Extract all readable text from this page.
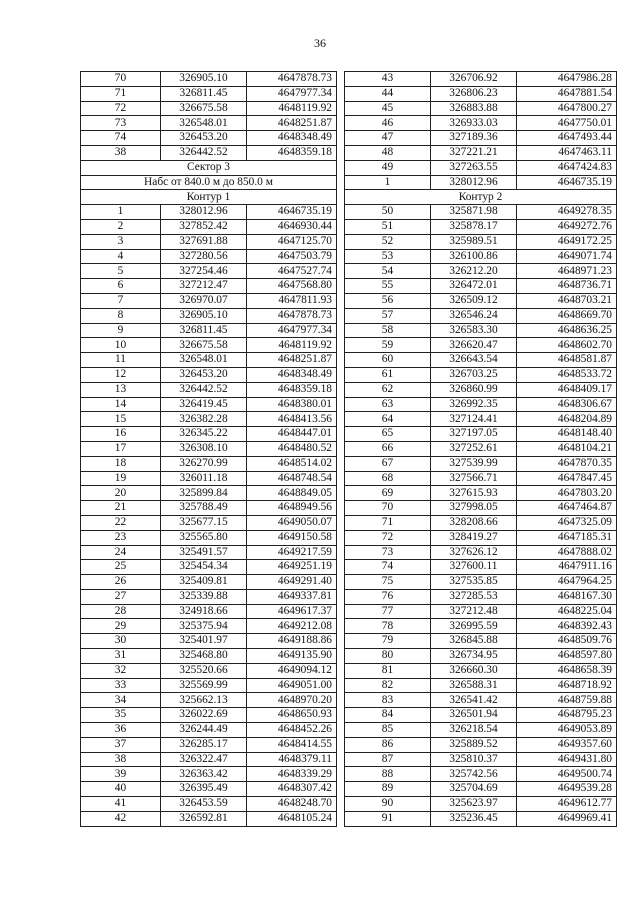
36
70	326905.10	4647878.73
71	326811.45	4647977.34
72	326675.58	4648119.92
73	326548.01	4648251.87
74	326453.20	4648348.49
38	326442.52	4648359.18
Сектор 3		
Набс от 840.0 м до 850.0 м		
Контур 1		
1	328012.96	4646735.19
2	327852.42	4646930.44
3	327691.88	4647125.70
4	327280.56	4647503.79
5	327254.46	4647527.74
6	327212.47	4647568.80
7	326970.07	4647811.93
8	326905.10	4647878.73
9	326811.45	4647977.34
10	326675.58	4648119.92
11	326548.01	4648251.87
12	326453.20	4648348.49
13	326442.52	4648359.18
14	326419.45	4648380.01
15	326382.28	4648413.56
16	326345.22	4648447.01
17	326308.10	4648480.52
18	326270.99	4648514.02
19	326011.18	4648748.54
20	325899.84	4648849.05
21	325788.49	4648949.56
22	325677.15	4649050.07
23	325565.80	4649150.58
24	325491.57	4649217.59
25	325454.34	4649251.19
26	325409.81	4649291.40
27	325339.88	4649337.81
28	324918.66	4649617.37
29	325375.94	4649212.08
30	325401.97	4649188.86
31	325468.80	4649135.90
32	325520.66	4649094.12
33	325569.99	4649051.00
34	325662.13	4648970.20
35	326022.69	4648650.93
36	326244.49	4648452.26
37	326285.17	4648414.55
38	326322.47	4648379.11
39	326363.42	4648339.29
40	326395.49	4648307.42
41	326453.59	4648248.70
42	326592.81	4648105.24
43	326706.92	4647986.28
44	326806.23	4647881.54
45	326883.88	4647800.27
46	326933.03	4647750.01
47	327189.36	4647493.44
48	327221.21	4647463.11
49	327263.55	4647424.83
1	328012.96	4646735.19
Контур 2		
50	325871.98	4649278.35
51	325878.17	4649272.76
52	325989.51	4649172.25
53	326100.86	4649071.74
54	326212.20	4648971.23
55	326472.01	4648736.71
56	326509.12	4648703.21
57	326546.24	4648669.70
58	326583.30	4648636.25
59	326620.47	4648602.70
60	326643.54	4648581.87
61	326703.25	4648533.72
62	326860.99	4648409.17
63	326992.35	4648306.67
64	327124.41	4648204.89
65	327197.05	4648148.40
66	327252.61	4648104.21
67	327539.99	4647870.35
68	327566.71	4647847.45
69	327615.93	4647803.20
70	327998.05	4647464.87
71	328208.66	4647325.09
72	328419.27	4647185.31
73	327626.12	4647888.02
74	327600.11	4647911.16
75	327535.85	4647964.25
76	327285.53	4648167.30
77	327212.48	4648225.04
78	326995.59	4648392.43
79	326845.88	4648509.76
80	326734.95	4648597.80
81	326660.30	4648658.39
82	326588.31	4648718.92
83	326541.42	4648759.88
84	326501.94	4648795.23
85	326218.54	4649053.89
86	325889.52	4649357.60
87	325810.37	4649431.80
88	325742.56	4649500.74
89	325704.69	4649539.28
90	325623.97	4649612.77
91	325236.45	4649969.41
